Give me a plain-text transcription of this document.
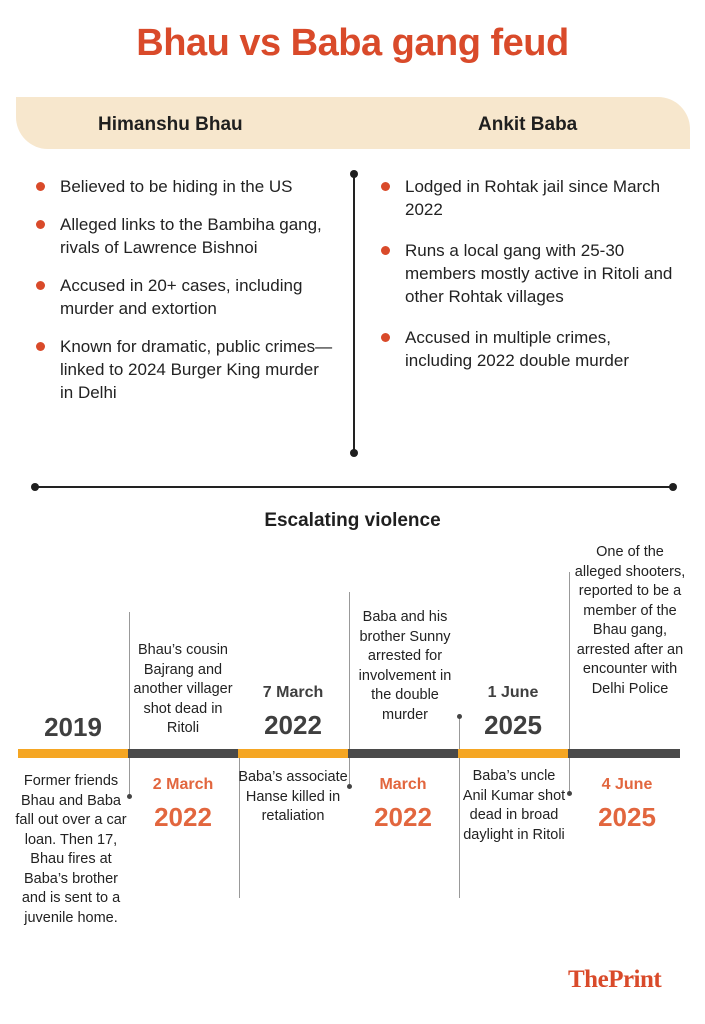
Bhau vs Baba gang feud
Himanshu Bhau	Ankit Baba
Believed to be hiding in the US
Alleged links to the Bambiha gang, rivals of Lawrence Bishnoi
Accused in 20+ cases, including murder and extortion
Known for dramatic, public crimes—linked to 2024 Burger King murder in Delhi
Lodged in Rohtak jail since March 2022
Runs a local gang with 25-30 members mostly active in Ritoli and other Rohtak villages
Accused in multiple crimes, including 2022 double murder
Escalating violence
2019
Former friends Bhau and Baba fall out over a car loan. Then 17, Bhau fires at Baba’s brother and is sent to a juvenile home.
Bhau’s cousin Bajrang and another villager shot dead in Ritoli
2 March
2022
7 March
2022
Baba’s associate Hanse killed in retaliation
Baba and his brother Sunny arrested for involvement in the double murder
March
2022
1 June
2025
Baba’s uncle Anil Kumar shot dead in broad daylight in Ritoli
One of the alleged shooters, reported to be a member of the Bhau gang, arrested after an encounter with Delhi Police
4 June
2025
ThePrint
